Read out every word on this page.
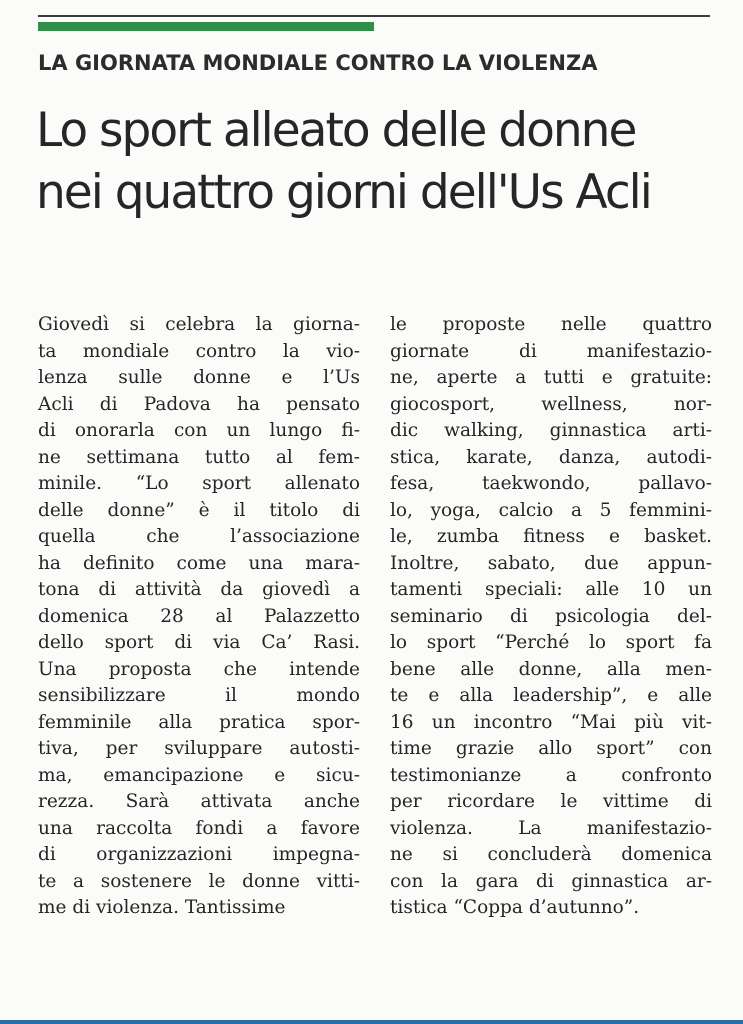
LA GIORNATA MONDIALE CONTRO LA VIOLENZA
Lo sport alleato delle donne
nei quattro giorni dell'Us Acli
Giovedì si celebra la giorna-
ta mondiale contro la vio-
lenza sulle donne e l’Us
Acli di Padova ha pensato
di onorarla con un lungo fi-
ne settimana tutto al fem-
minile. “Lo sport allenato
delle donne” è il titolo di
quella che l’associazione
ha definito come una mara-
tona di attività da giovedì a
domenica 28 al Palazzetto
dello sport di via Ca’ Rasi.
Una proposta che intende
sensibilizzare il mondo
femminile alla pratica spor-
tiva, per sviluppare autosti-
ma, emancipazione e sicu-
rezza. Sarà attivata anche
una raccolta fondi a favore
di organizzazioni impegna-
te a sostenere le donne vitti-
me di violenza. Tantissime
le proposte nelle quattro
giornate di manifestazio-
ne, aperte a tutti e gratuite:
giocosport, wellness, nor-
dic walking, ginnastica arti-
stica, karate, danza, autodi-
fesa, taekwondo, pallavo-
lo, yoga, calcio a 5 femmini-
le, zumba fitness e basket.
Inoltre, sabato, due appun-
tamenti speciali: alle 10 un
seminario di psicologia del-
lo sport “Perché lo sport fa
bene alle donne, alla men-
te e alla leadership”, e alle
16 un incontro “Mai più vit-
time grazie allo sport” con
testimonianze a confronto
per ricordare le vittime di
violenza. La manifestazio-
ne si concluderà domenica
con la gara di ginnastica ar-
tistica “Coppa d’autunno”.
